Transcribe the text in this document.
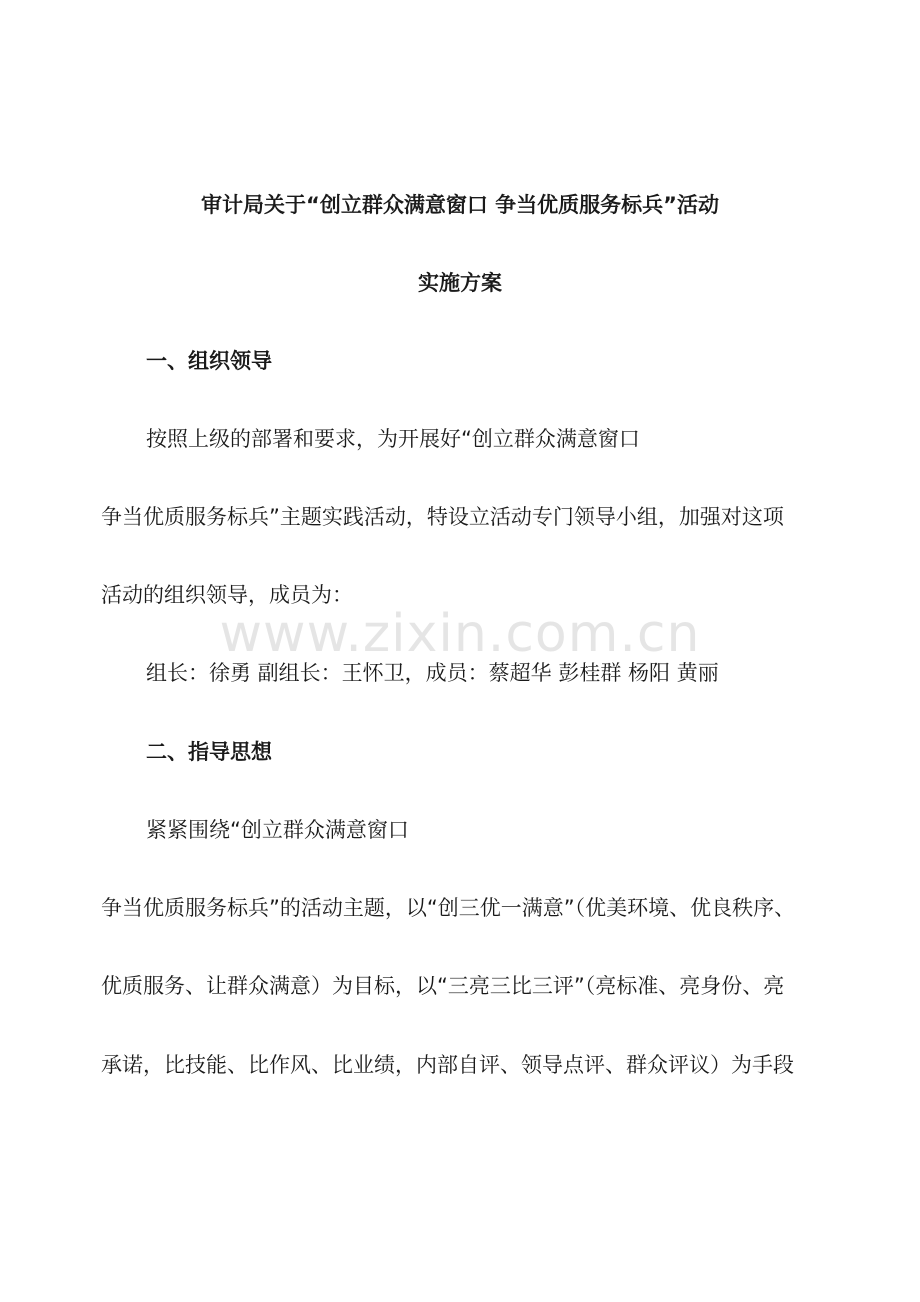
审计局关于“创立群众满意窗口 争当优质服务标兵”活动
实施方案
一、组织领导
按照上级的部署和要求，为开展好“创立群众满意窗口
争当优质服务标兵”主题实践活动，特设立活动专门领导小组，加强对这项
活动的组织领导，成员为：
组长：徐勇 副组长：王怀卫，成员：蔡超华 彭桂群 杨阳 黄丽
二、指导思想
紧紧围绕“创立群众满意窗口
争当优质服务标兵”的活动主题，以“创三优一满意”（优美环境、优良秩序、
优质服务、让群众满意）为目标，以“三亮三比三评”（亮标准、亮身份、亮
承诺，比技能、比作风、比业绩，内部自评、领导点评、群众评议）为手段
www.zixin.com.cn
